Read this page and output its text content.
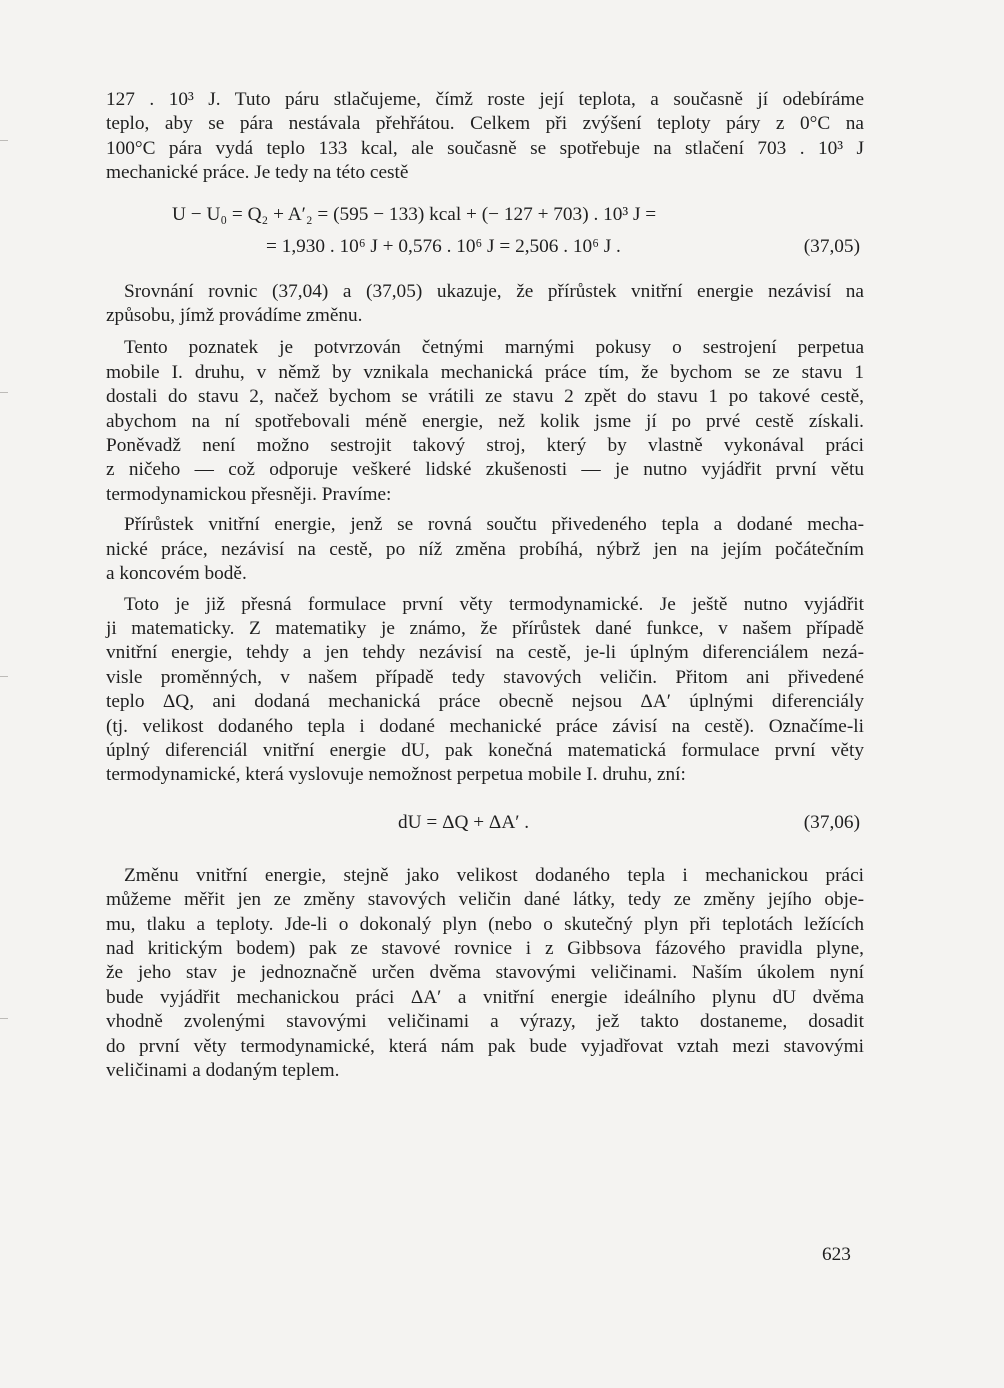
127 . 10³ J. Tuto páru stlačujeme, čímž roste její teplota, a současně jí odebíráme
teplo, aby se pára nestávala přehřátou. Celkem při zvýšení teploty páry z 0°C na
100°C pára vydá teplo 133 kcal, ale současně se spotřebuje na stlačení 703 . 10³ J
mechanické práce. Je tedy na této cestě
U − U₀ = Q₂ + A′₂ = (595 − 133) kcal + (− 127 + 703) . 10³ J =
= 1,930 . 10⁶ J + 0,576 . 10⁶ J = 2,506 . 10⁶ J .	(37,05)
Srovnání rovnic (37,04) a (37,05) ukazuje, že přírůstek vnitřní energie nezávisí na
způsobu, jímž provádíme změnu.
Tento poznatek je potvrzován četnými marnými pokusy o sestrojení perpetua
mobile I. druhu, v němž by vznikala mechanická práce tím, že bychom se ze stavu 1
dostali do stavu 2, načež bychom se vrátili ze stavu 2 zpět do stavu 1 po takové cestě,
abychom na ní spotřebovali méně energie, než kolik jsme jí po prvé cestě získali.
Poněvadž není možno sestrojit takový stroj, který by vlastně vykonával práci
z ničeho — což odporuje veškeré lidské zkušenosti — je nutno vyjádřit první větu
termodynamickou přesněji. Pravíme:
Přírůstek vnitřní energie, jenž se rovná součtu přivedeného tepla a dodané mecha-
nické práce, nezávisí na cestě, po níž změna probíhá, nýbrž jen na jejím počátečním
a koncovém bodě.
Toto je již přesná formulace první věty termodynamické. Je ještě nutno vyjádřit
ji matematicky. Z matematiky je známo, že přírůstek dané funkce, v našem případě
vnitřní energie, tehdy a jen tehdy nezávisí na cestě, je-li úplným diferenciálem nezá-
visle proměnných, v našem případě tedy stavových veličin. Přitom ani přivedené
teplo ΔQ, ani dodaná mechanická práce obecně nejsou ΔA′ úplnými diferenciály
(tj. velikost dodaného tepla i dodané mechanické práce závisí na cestě). Označíme-li
úplný diferenciál vnitřní energie dU, pak konečná matematická formulace první věty
termodynamické, která vyslovuje nemožnost perpetua mobile I. druhu, zní:
dU = ΔQ + ΔA′ .	(37,06)
Změnu vnitřní energie, stejně jako velikost dodaného tepla i mechanickou práci
můžeme měřit jen ze změny stavových veličin dané látky, tedy ze změny jejího obje-
mu, tlaku a teploty. Jde-li o dokonalý plyn (nebo o skutečný plyn při teplotách ležících
nad kritickým bodem) pak ze stavové rovnice i z Gibbsova fázového pravidla plyne,
že jeho stav je jednoznačně určen dvěma stavovými veličinami. Naším úkolem nyní
bude vyjádřit mechanickou práci ΔA′ a vnitřní energie ideálního plynu dU dvěma
vhodně zvolenými stavovými veličinami a výrazy, jež takto dostaneme, dosadit
do první věty termodynamické, která nám pak bude vyjadřovat vztah mezi stavovými
veličinami a dodaným teplem.
623
